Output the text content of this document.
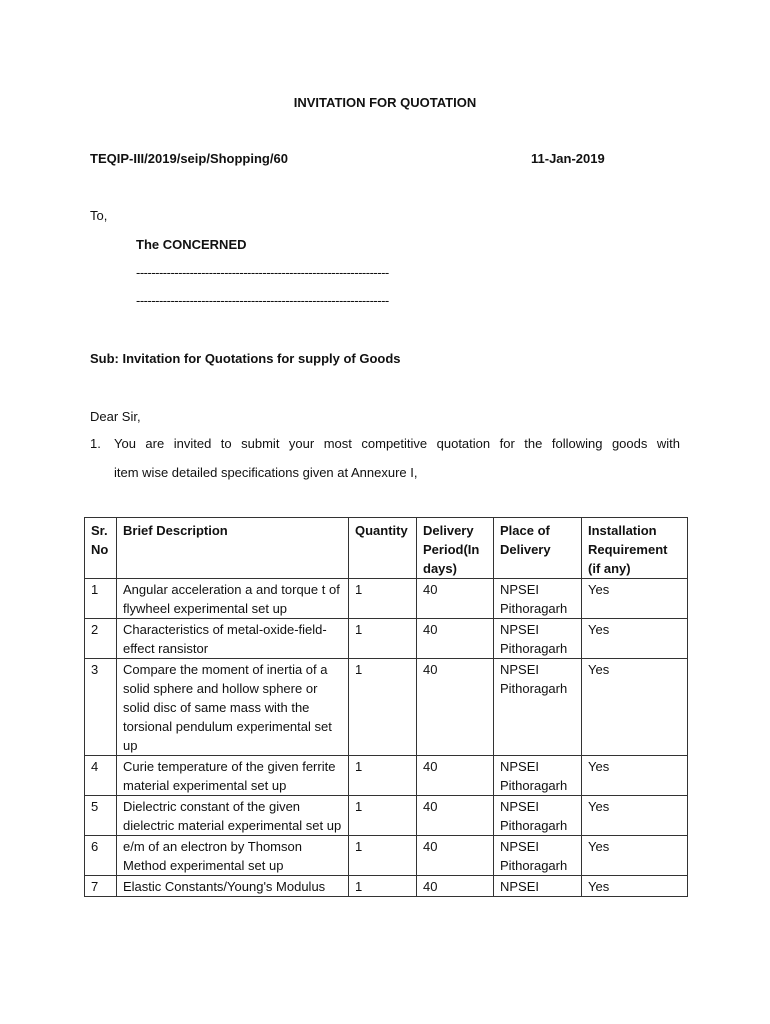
INVITATION FOR QUOTATION
TEQIP-III/2019/seip/Shopping/60	11-Jan-2019
To,
The CONCERNED
------------------------------------------------------------------
------------------------------------------------------------------
Sub: Invitation for Quotations for supply of Goods
Dear Sir,
1. You are invited to submit your most competitive quotation for the following goods with
item wise detailed specifications given at Annexure I,
Sr. No	Brief Description	Quantity	Delivery Period(In days)	Place of Delivery	Installation Requirement (if any)
1	Angular acceleration a and torque t of flywheel experimental set up	1	40	NPSEI Pithoragarh	Yes
2	Characteristics of metal-oxide-field-effect ransistor	1	40	NPSEI Pithoragarh	Yes
3	Compare the moment of inertia of a solid sphere and hollow sphere or solid disc of same mass with the torsional pendulum experimental set up	1	40	NPSEI Pithoragarh	Yes
4	Curie temperature of the given ferrite material experimental set up	1	40	NPSEI Pithoragarh	Yes
5	Dielectric constant of the given dielectric material experimental set up	1	40	NPSEI Pithoragarh	Yes
6	e/m of an electron by Thomson Method experimental set up	1	40	NPSEI Pithoragarh	Yes
7	Elastic Constants/Young's Modulus	1	40	NPSEI	Yes
